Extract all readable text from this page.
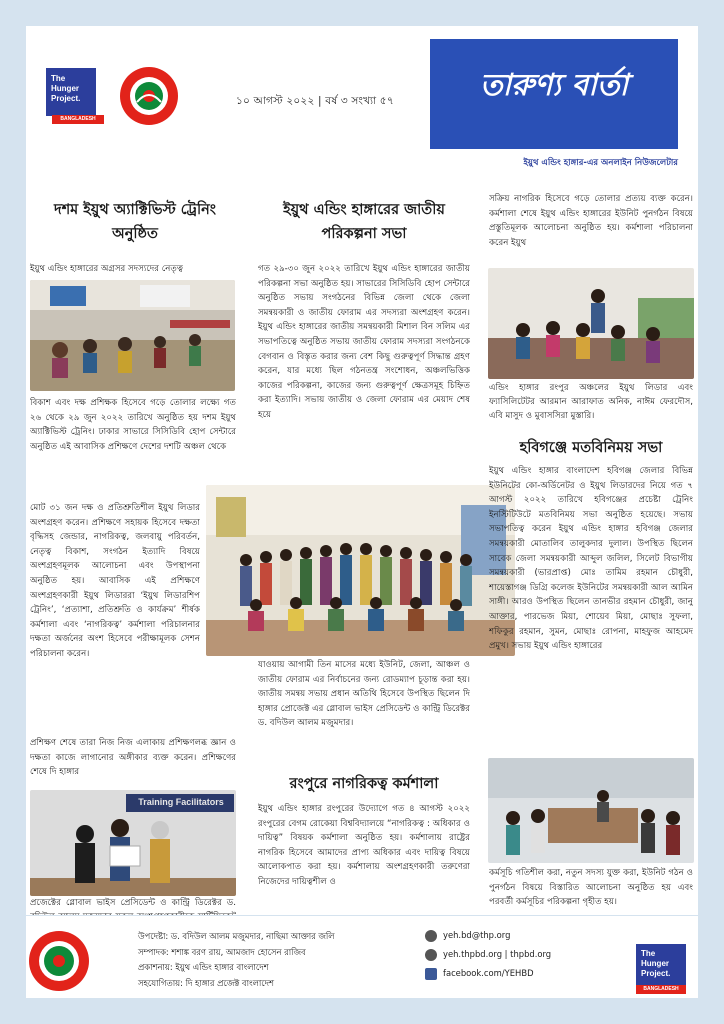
The
Hunger
Project.
BANGLADESH
১০ আগস্ট ২০২২ | বর্ষ ৩ সংখ্যা ৫৭	তারুণ্য বার্তা
ইয়ুথ এন্ডিং হাঙ্গার-এর অনলাইন নিউজলেটার
দশম ইয়ুথ অ্যাক্টিভিস্ট ট্রেনিং অনুষ্ঠিত
ইয়ুথ এন্ডিং হাঙ্গারের অগ্রসর সদস্যদের নেতৃত্ব
বিকাশ এবং দক্ষ প্রশিক্ষক হিসেবে গড়ে তোলার লক্ষ্যে গত ২৬ থেকে ২৯ জুন ২০২২ তারিখে অনুষ্ঠিত হয় দশম ইয়ুথ অ্যাক্টিভিস্ট ট্রেনিং। ঢাকার সাভারে সিসিডিবি হোপ সেন্টারে অনুষ্ঠিত এই আবাসিক প্রশিক্ষণে দেশের দশটি অঞ্চল থেকে
মোট ৩১ জন দক্ষ ও প্রতিশ্রুতিশীল ইয়ুথ লিডার অংশগ্রহণ করেন। প্রশিক্ষণে সহায়ক হিসেবে দক্ষতা বৃদ্ধিসহ জেন্ডার, নাগরিকত্ব, জলবায়ু পরিবর্তন, নেতৃত্ব বিকাশ, সংগঠন ইত্যাদি বিষয়ে অংশগ্রহণমূলক আলোচনা এবং উপস্থাপনা অনুষ্ঠিত হয়। আবাসিক এই প্রশিক্ষণে অংশগ্রহণকারী ইয়ুথ লিডাররা ‘ইয়ুথ লিডারশিপ ট্রেনিং’, ‘প্রত্যাশা, প্রতিশ্রুতি ও কার্যক্রম’ শীর্ষক কর্মশালা এবং ‘নাগরিকত্ব’ কর্মশালা পরিচালনার দক্ষতা অর্জনের অংশ হিসেবে পরীক্ষামূলক সেশন পরিচালনা করেন।
প্রশিক্ষণ শেষে তারা নিজ নিজ এলাকায় প্রশিক্ষণলব্ধ জ্ঞান ও দক্ষতা কাজে লাগানোর অঙ্গীকার ব্যক্ত করেন। প্রশিক্ষণের শেষে দি হাঙ্গার
Training Facilitators
প্রজেক্টের গ্লোবাল ভাইস প্রেসিডেন্ট ও কান্ট্রি ডিরেক্টর ড.
ইয়ুথ এন্ডিং হাঙ্গারের জাতীয় পরিকল্পনা সভা
গত ২৯-৩০ জুন ২০২২ তারিখে ইয়ুথ এন্ডিং হাঙ্গারের জাতীয় পরিকল্পনা সভা অনুষ্ঠিত হয়। সাভারের সিসিডিবি হোপ সেন্টারে অনুষ্ঠিত সভায় সংগঠনের বিভিন্ন জেলা থেকে জেলা সমন্বয়কারী ও জাতীয় ফোরাম এর সদস্যরা অংশগ্রহণ করেন। ইয়ুথ এন্ডিং হাঙ্গারের জাতীয় সমন্বয়কারী মিশাল বিন সলিম এর সভাপতিত্বে অনুষ্ঠিত সভায় জাতীয় ফোরাম সদস্যরা সংগঠনকে বেগবান ও বিস্তৃত করার জন্য বেশ কিছু গুরুত্বপূর্ণ সিদ্ধান্ত গ্রহণ করেন, যার মধ্যে ছিল গঠনতন্ত্র সংশোধন, অঞ্চলভিত্তিক কাজের পরিকল্পনা, কাজের জন্য গুরুত্বপূর্ণ ক্ষেত্রসমূহ চিহ্নিত করা ইত্যাদি। সভায় জাতীয় ও জেলা ফোরাম এর মেয়াদ শেষ হয়ে
যাওয়ায় আগামী তিন মাসের মধ্যে ইউনিট, জেলা, আঞ্চল ও জাতীয় ফোরাম এর নির্বাচনের জন্য রোডম্যাপ চূড়ান্ত করা হয়। জাতীয় সমন্বয় সভায় প্রধান অতিথি হিসেবে উপস্থিত ছিলেন দি হাঙ্গার প্রোজেক্ট এর গ্লোবাল ভাইস প্রেসিডেন্ট ও কান্ট্রি ডিরেক্টর ড. বদিউল আলম মজুমদার।
রংপুরে নাগরিকত্ব কর্মশালা
ইয়ুথ এন্ডিং হাঙ্গার রংপুরের উদ্যোগে গত ৪ আগস্ট ২০২২ রংপুরের বেগম রোকেয়া বিশ্ববিদ্যালয়ে “নাগরিকত্ব : অধিকার ও দায়িত্ব” বিষয়ক কর্মশালা অনুষ্ঠিত হয়। কর্মশালায় রাষ্ট্রের নাগরিক হিসেবে আমাদের প্রাপ্য অধিকার এবং দায়িত্ব বিষয়ে আলোকপাত করা হয়। কর্মশালায় অংশগ্রহণকারী তরুণেরা নিজেদের দায়িত্বশীল ও
সক্রিয় নাগরিক হিসেবে গড়ে তোলার প্রত্যয় ব্যক্ত করেন। কর্মশালা শেষে ইয়ুথ এন্ডিং হাঙ্গারের ইউনিট পুনর্গঠন বিষয়ে প্রস্তুতিমূলক আলোচনা অনুষ্ঠিত হয়। কর্মশালা পরিচালনা করেন ইয়ুথ
এন্ডিং হাঙ্গার রংপুর অঞ্চলের ইয়ুথ লিডার এবং ফ্যাসিলিটেটর আরমান আরাফাত অনিক, নাঈম ফেরদৌস, এবি মাসুদ ও মুবাসসিরা মুস্তারি।
হবিগঞ্জে মতবিনিময় সভা
ইয়ুথ এন্ডিং হাঙ্গার বাংলাদেশ হবিগঞ্জ জেলার বিভিন্ন ইউনিটের কো-অর্ডিনেটর ও ইয়ুথ লিডারদের নিয়ে গত ৭ আগস্ট ২০২২ তারিখে হবিগঞ্জের প্রচেষ্টা ট্রেনিং ইনস্টিটিউটে মতবিনিময় সভা অনুষ্ঠিত হয়েছে। সভায় সভাপতিত্ব করেন ইয়ুথ এন্ডিং হাঙ্গার হবিগঞ্জ জেলার সমন্বয়কারী মোতালিব তালুকদার দুলাল। উপস্থিত ছিলেন সাবেক জেলা সমন্বয়কারী আব্দুল জলিল, সিলেট বিভাগীয় সমন্বয়কারী (ভারপ্রাপ্ত) মোঃ তামিম রহমান চৌধুরী, শায়েস্তাগঞ্জ ডিগ্রি কলেজ ইউনিটের সমন্বয়কারী আল আমিন সাঙ্গী। আরও উপস্থিত ছিলেন তানভীর রহমান চৌধুরী, জানু আক্তার, পারভেজ মিয়া, শোয়েব মিয়া, মোছাঃ সুফলা, শফিকুর রহমান, সুমন, মোছাঃ রোপনা, মাহফুজ আহমেদ প্রমুখ। সভায় ইয়ুথ এন্ডিং হাঙ্গারের
কর্মসূচি গতিশীল করা, নতুন সদস্য যুক্ত করা, ইউনিট গঠন ও পুনর্গঠন বিষয়ে বিস্তারিত আলোচনা অনুষ্ঠিত হয় এবং পরবর্তী কর্মসূচির পরিকল্পনা গৃহীত হয়।
উপদেষ্টা: ড. বদিউল আলম মজুমদার, নাছিমা আক্তার জলি
সম্পাদক: শশাঙ্ক বরণ রায়, আমজাদ হোসেন রাজিব
প্রকাশনায়: ইয়ুথ এন্ডিং হাঙ্গার বাংলাদেশ
সহযোগিতায়: দি হাঙ্গার প্রজেক্ট বাংলাদেশ
yeh.bd@thp.org
yeh.thpbd.org | thpbd.org
facebook.com/YEHBD
The
Hunger
Project.
BANGLADESH
